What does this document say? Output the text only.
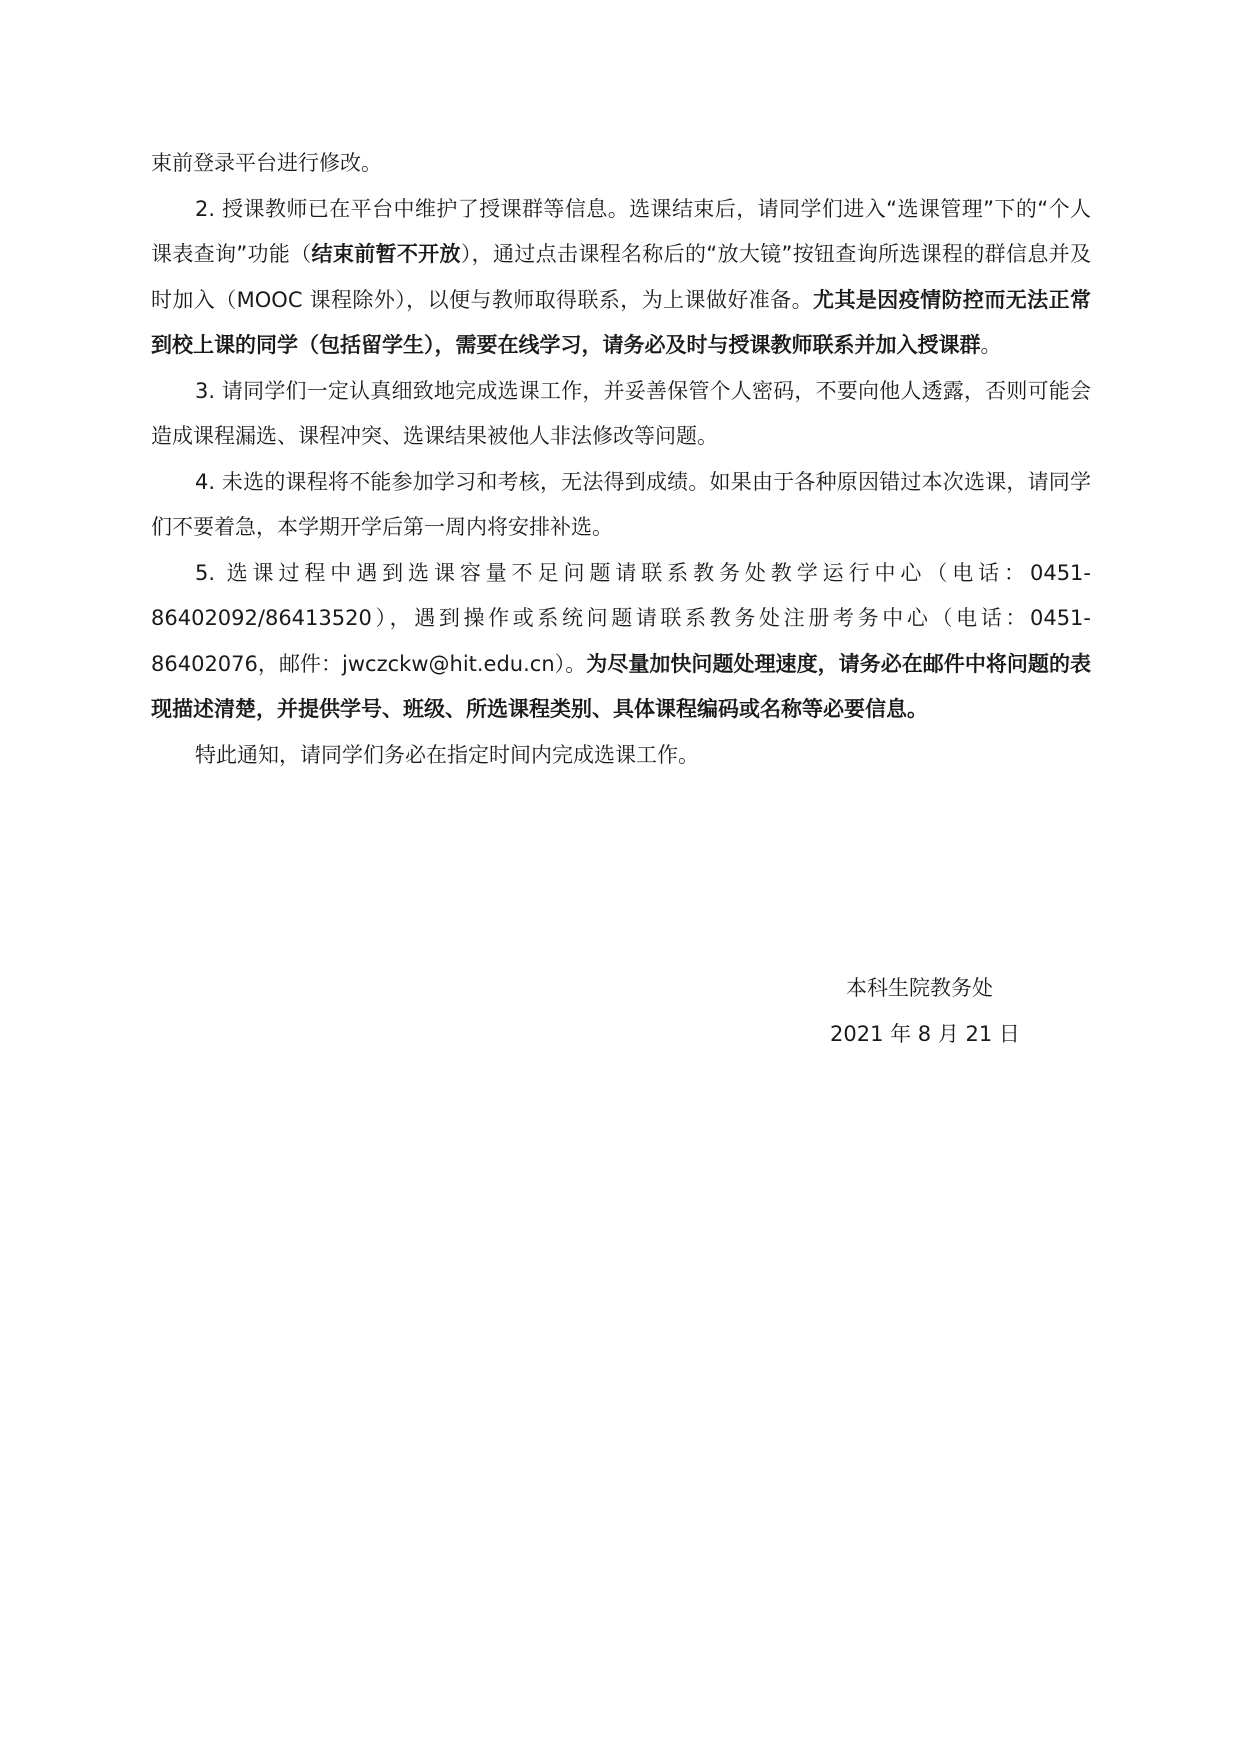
束前登录平台进行修改。

2. 授课教师已在平台中维护了授课群等信息。选课结束后，请同学们进入“选课管理”下的“个人课表查询”功能（结束前暂不开放），通过点击课程名称后的“放大镜”按钮查询所选课程的群信息并及时加入（MOOC 课程除外），以便与教师取得联系，为上课做好准备。尤其是因疫情防控而无法正常到校上课的同学（包括留学生），需要在线学习，请务必及时与授课教师联系并加入授课群。

3. 请同学们一定认真细致地完成选课工作，并妥善保管个人密码，不要向他人透露，否则可能会造成课程漏选、课程冲突、选课结果被他人非法修改等问题。

4. 未选的课程将不能参加学习和考核，无法得到成绩。如果由于各种原因错过本次选课，请同学们不要着急，本学期开学后第一周内将安排补选。

5. 选课过程中遇到选课容量不足问题请联系教务处教学运行中心（电话：0451-86402092/86413520），遇到操作或系统问题请联系教务处注册考务中心（电话：0451-86402076，邮件：jwczckw@hit.edu.cn）。为尽量加快问题处理速度，请务必在邮件中将问题的表现描述清楚，并提供学号、班级、所选课程类别、具体课程编码或名称等必要信息。

特此通知，请同学们务必在指定时间内完成选课工作。

本科生院教务处
2021 年 8 月 21 日
